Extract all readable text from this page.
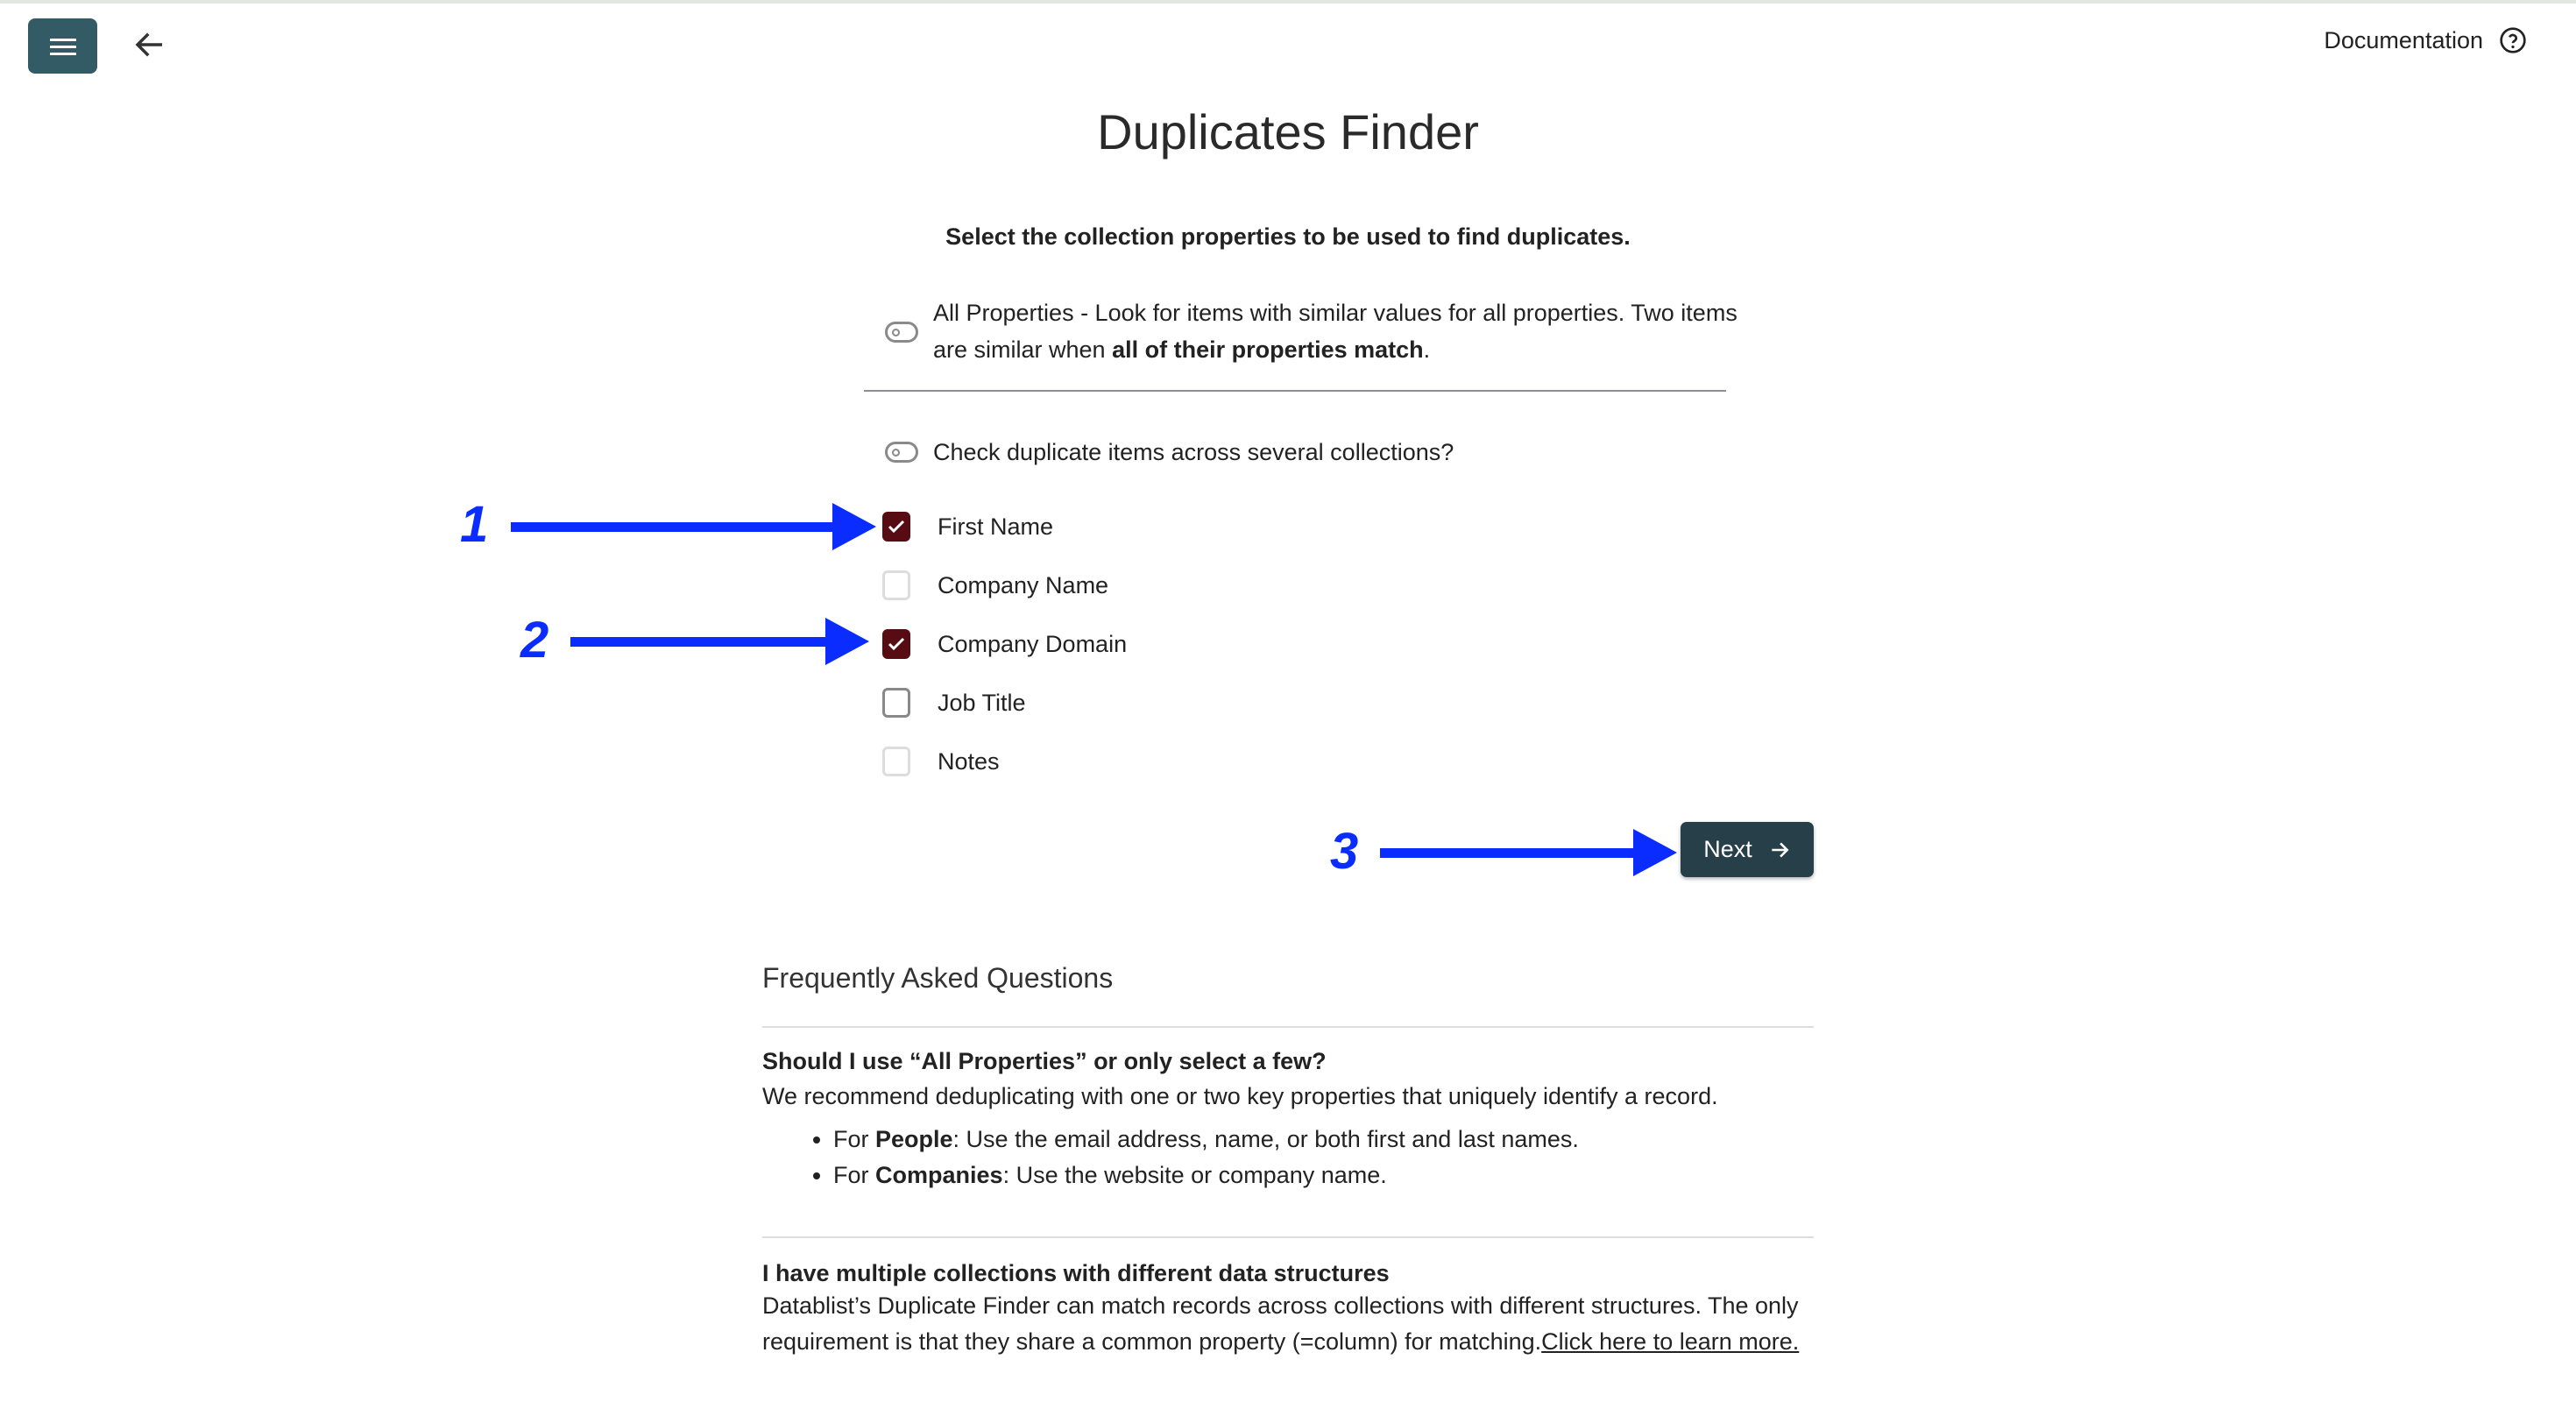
Documentation
Duplicates Finder
Select the collection properties to be used to find duplicates.
All Properties - Look for items with similar values for all properties. Two items are similar when all of their properties match.
Check duplicate items across several collections?
First Name
Company Name
Company Domain
Job Title
Notes
Next
1
2
3
Frequently Asked Questions
Should I use “All Properties” or only select a few?
We recommend deduplicating with one or two key properties that uniquely identify a record.
• For People: Use the email address, name, or both first and last names.
• For Companies: Use the website or company name.
I have multiple collections with different data structures
Datablist’s Duplicate Finder can match records across collections with different structures. The only requirement is that they share a common property (=column) for matching.Click here to learn more.
